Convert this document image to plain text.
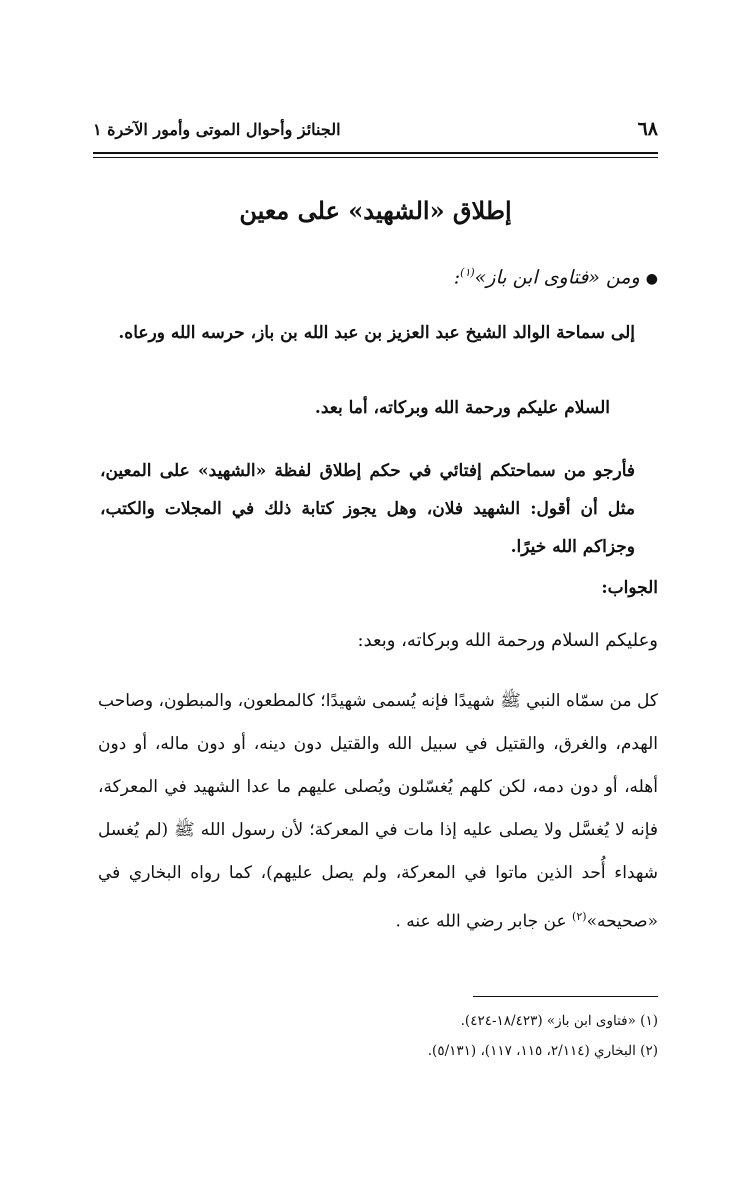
٦٨
الجنائز وأحوال الموتى وأمور الآخرة ١
إطلاق «الشهيد» على معين
●ومن «فتاوى ابن باز»$^{(١)}$:
إلى سماحة الوالد الشيخ عبد العزيز بن عبد الله بن باز، حرسه الله ورعاه.
السلام عليكم ورحمة الله وبركاته، أما بعد.
فأرجو من سماحتكم إفتائي في حكم إطلاق لفظة «الشهيد» على المعين، مثل أن أقول: الشهيد فلان، وهل يجوز كتابة ذلك في المجلات والكتب، وجزاكم الله خيرًا.
الجواب:
وعليكم السلام ورحمة الله وبركاته، وبعد:
كل من سمّاه النبي ﷺ شهيدًا فإنه يُسمى شهيدًا؛ كالمطعون، والمبطون، وصاحب الهدم، والغرق، والقتيل في سبيل الله والقتيل دون دينه، أو دون ماله، أو دون أهله، أو دون دمه، لكن كلهم يُغسّلون ويُصلى عليهم ما عدا الشهيد في المعركة، فإنه لا يُغسَّل ولا يصلى عليه إذا مات في المعركة؛ لأن رسول الله ﷺ (لم يُغسل شهداء أُحد الذين ماتوا في المعركة، ولم يصل عليهم)، كما رواه البخاري في «صحيحه»$^{(٢)}$ عن جابر رضي الله عنه .
(١) «فتاوى ابن باز» (١٨/٤٢٣-٤٢٤).
(٢) البخاري (٢/١١٤، ١١٥، ١١٧)، (٥/١٣١).
